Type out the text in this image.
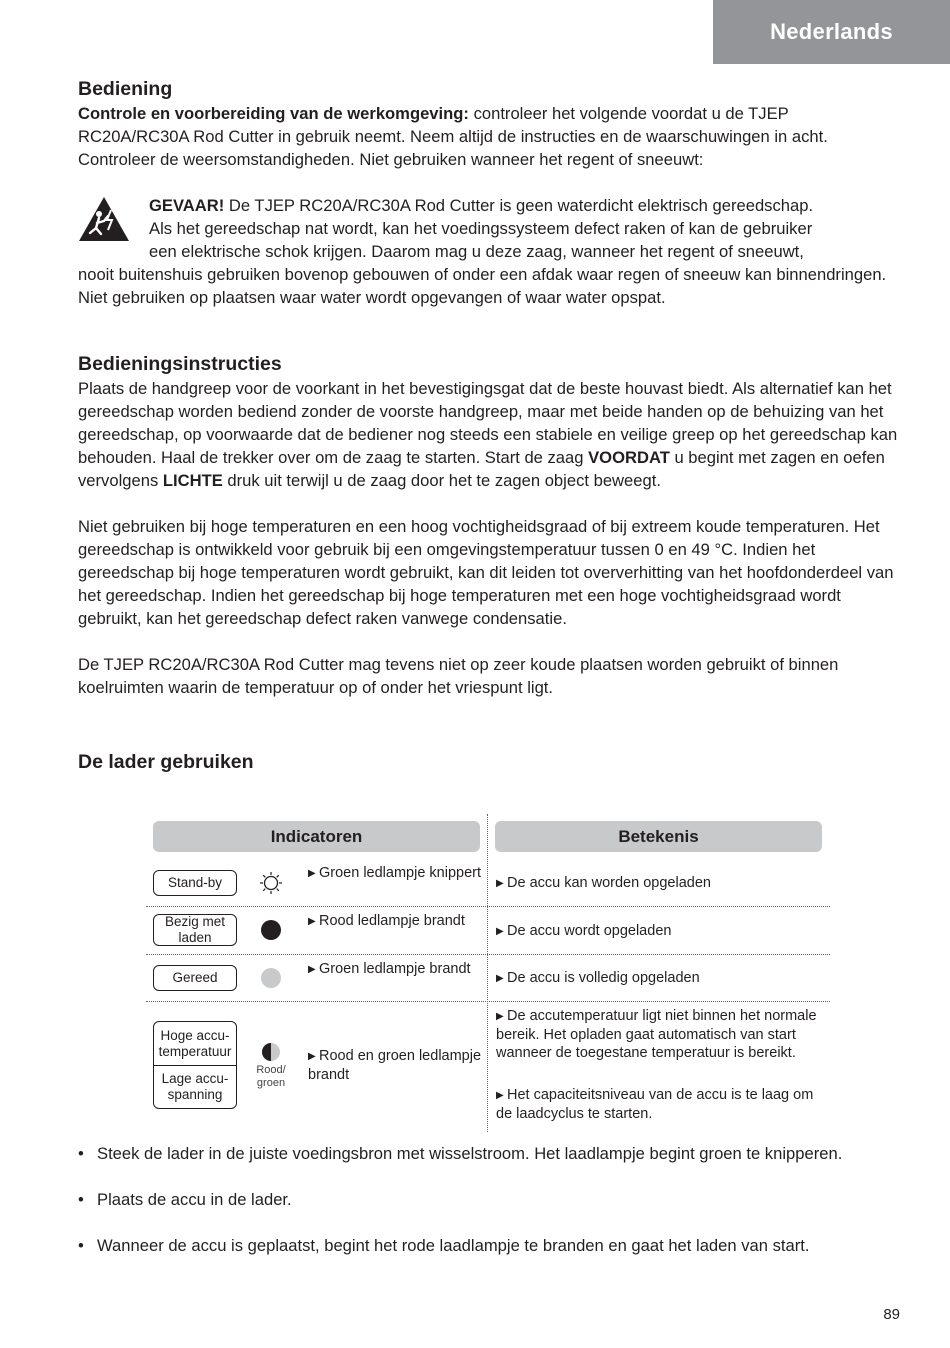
Nederlands
Bediening

Controle en voorbereiding van de werkomgeving: controleer het volgende voordat u de TJEP RC20A/RC30A Rod Cutter in gebruik neemt. Neem altijd de instructies en de waarschuwingen in acht. Controleer de weersomstandigheden. Niet gebruiken wanneer het regent of sneeuwt:

GEVAAR! De TJEP RC20A/RC30A Rod Cutter is geen waterdicht elektrisch gereedschap.
Als het gereedschap nat wordt, kan het voedingssysteem defect raken of kan de gebruiker
een elektrische schok krijgen. Daarom mag u deze zaag, wanneer het regent of sneeuwt,

nooit buitenshuis gebruiken bovenop gebouwen of onder een afdak waar regen of sneeuw kan binnendringen. Niet gebruiken op plaatsen waar water wordt opgevangen of waar water opspat.

Bedieningsinstructies

Plaats de handgreep voor de voorkant in het bevestigingsgat dat de beste houvast biedt. Als alternatief kan het gereedschap worden bediend zonder de voorste handgreep, maar met beide handen op de behuizing van het gereedschap, op voorwaarde dat de bediener nog steeds een stabiele en veilige greep op het gereedschap kan behouden. Haal de trekker over om de zaag te starten. Start de zaag VOORDAT u begint met zagen en oefen vervolgens LICHTE druk uit terwijl u de zaag door het te zagen object beweegt.

Niet gebruiken bij hoge temperaturen en een hoog vochtigheidsgraad of bij extreem koude temperaturen. Het gereedschap is ontwikkeld voor gebruik bij een omgevingstemperatuur tussen 0 en 49 °C. Indien het gereedschap bij hoge temperaturen wordt gebruikt, kan dit leiden tot oververhitting van het hoofdonderdeel van het gereedschap. Indien het gereedschap bij hoge temperaturen met een hoge vochtigheidsgraad wordt gebruikt, kan het gereedschap defect raken vanwege condensatie.

De TJEP RC20A/RC30A Rod Cutter mag tevens niet op zeer koude plaatsen worden gebruikt of binnen koelruimten waarin de temperatuur op of onder het vriespunt ligt.

De lader gebruiken
Indicatoren	Betekenis
Stand-by
▶ Groen ledlampje knippert
▶ De accu kan worden opgeladen
Bezig met laden
▶ Rood ledlampje brandt
▶ De accu wordt opgeladen
Gereed
▶ Groen ledlampje brandt
▶ De accu is volledig opgeladen
Hoge accu-temperatuur
Lage accu-spanning
Rood/ groen
▶ Rood en groen ledlampje brandt
▶ De accutemperatuur ligt niet binnen het normale bereik. Het opladen gaat automatisch van start wanneer de toegestane temperatuur is bereikt.
▶ Het capaciteitsniveau van de accu is te laag om de laadcyclus te starten.
• Steek de lader in de juiste voedingsbron met wisselstroom. Het laadlampje begint groen te knipperen.
• Plaats de accu in de lader.
• Wanneer de accu is geplaatst, begint het rode laadlampje te branden en gaat het laden van start.
89
